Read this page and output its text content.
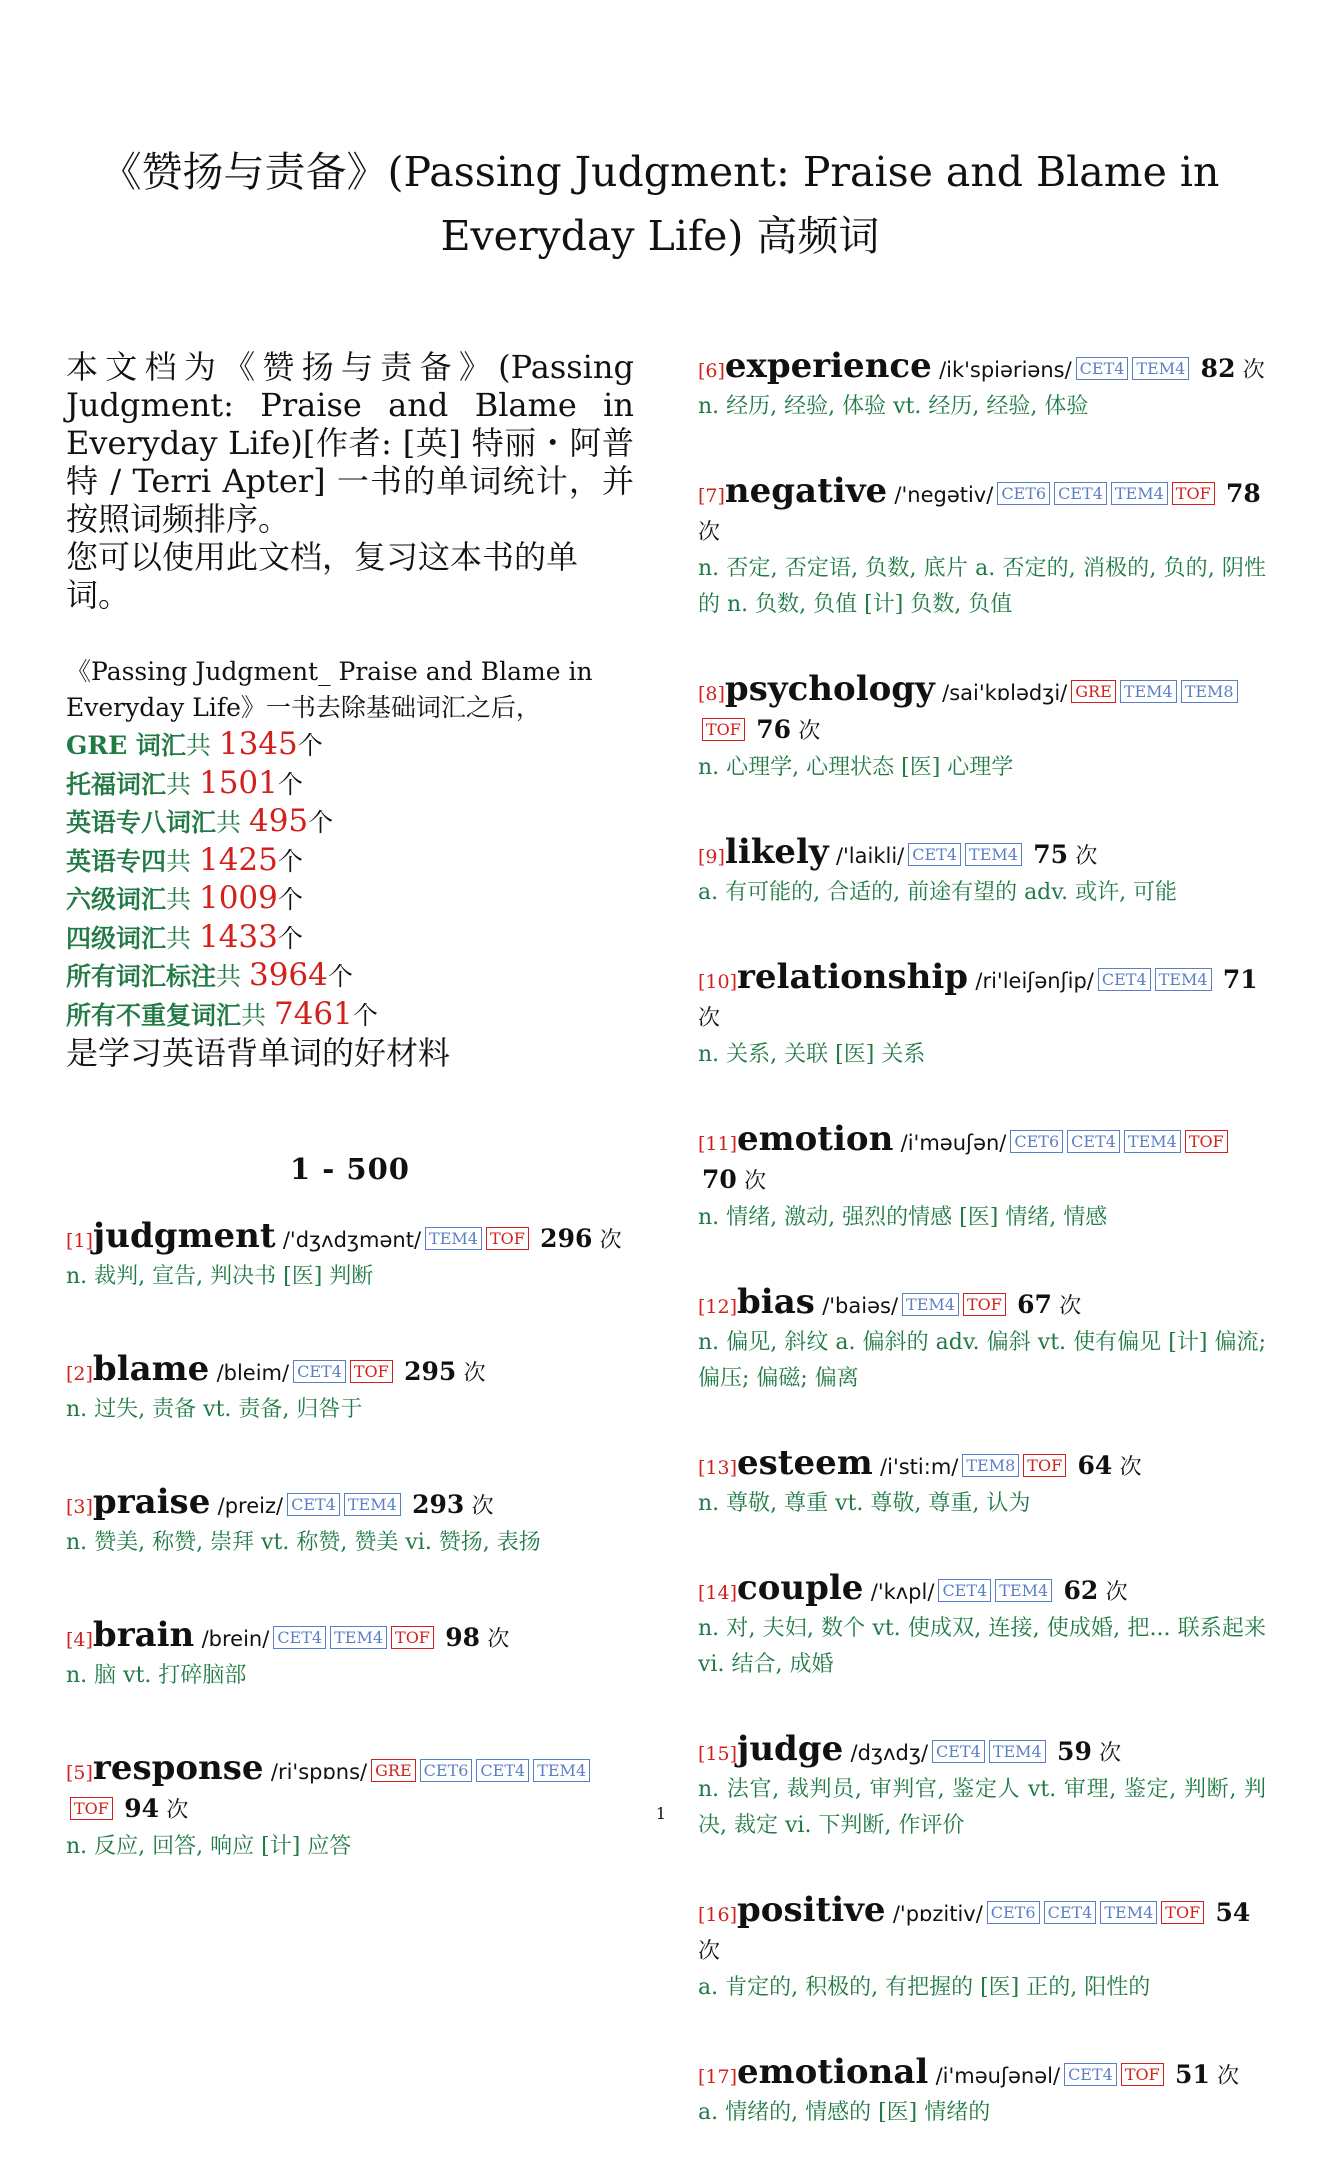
《赞扬与责备》(Passing Judgment: Praise and Blame in Everyday Life) 高频词

本文档为《赞扬与责备》(Passing Judgment: Praise and Blame in Everyday Life)[作者: [英] 特丽・阿普特 / Terri Apter] 一书的单词统计，并按照词频排序。

您可以使用此文档，复习这本书的单词。

《Passing Judgment_ Praise and Blame in Everyday Life》一书去除基础词汇之后，
GRE 词汇共 1345个
托福词汇共 1501个
英语专八词汇共 495个
英语专四共 1425个
六级词汇共 1009个
四级词汇共 1433个
所有词汇标注共 3964个
所有不重复词汇共 7461个
是学习英语背单词的好材料
1 - 500
[1]judgment /'dʒʌdʒmənt/ TEM4 TOF 296 次
n. 裁判, 宣告, 判决书 [医] 判断
[2]blame /bleim/ CET4 TOF 295 次
n. 过失, 责备 vt. 责备, 归咎于
[3]praise /preiz/ CET4 TEM4 293 次
n. 赞美, 称赞, 崇拜 vt. 称赞, 赞美 vi. 赞扬, 表扬
[4]brain /brein/ CET4 TEM4 TOF 98 次
n. 脑 vt. 打碎脑部
[5]response /ri'spɒns/ GRE CET6 CET4 TEM4TOF 94 次
n. 反应, 回答, 响应 [计] 应答
[6]experience /ik'spiəriəns/ CET4 TEM4 82 次
n. 经历, 经验, 体验 vt. 经历, 经验, 体验
[7]negative /'negətiv/ CET6 CET4 TEM4 TOF 78 次
n. 否定, 否定语, 负数, 底片 a. 否定的, 消极的, 负的, 阴性的 n. 负数, 负值 [计] 负数, 负值
[8]psychology /sai'kɒlədʒi/ GRE TEM4 TEM8TOF 76 次
n. 心理学, 心理状态 [医] 心理学
[9]likely /'laikli/ CET4 TEM4 75 次
a. 有可能的, 合适的, 前途有望的 adv. 或许, 可能
[10]relationship /ri'leiʃənʃip/ CET4 TEM4 71 次
n. 关系, 关联 [医] 关系
[11]emotion /i'məuʃən/ CET6 CET4 TEM4 TOF 70 次
n. 情绪, 激动, 强烈的情感 [医] 情绪, 情感
[12]bias /'baiəs/ TEM4 TOF 67 次
n. 偏见, 斜纹 a. 偏斜的 adv. 偏斜 vt. 使有偏见 [计] 偏流; 偏压; 偏磁; 偏离
[13]esteem /i'sti:m/ TEM8 TOF 64 次
n. 尊敬, 尊重 vt. 尊敬, 尊重, 认为
[14]couple /'kʌpl/ CET4 TEM4 62 次
n. 对, 夫妇, 数个 vt. 使成双, 连接, 使成婚, 把... 联系起来 vi. 结合, 成婚
[15]judge /dʒʌdʒ/ CET4 TEM4 59 次
n. 法官, 裁判员, 审判官, 鉴定人 vt. 审理, 鉴定, 判断, 判决, 裁定 vi. 下判断, 作评价
[16]positive /'pɒzitiv/ CET6 CET4 TEM4 TOF 54 次
a. 肯定的, 积极的, 有把握的 [医] 正的, 阳性的
[17]emotional /i'məuʃənəl/ CET4 TOF 51 次
a. 情绪的, 情感的 [医] 情绪的
1
